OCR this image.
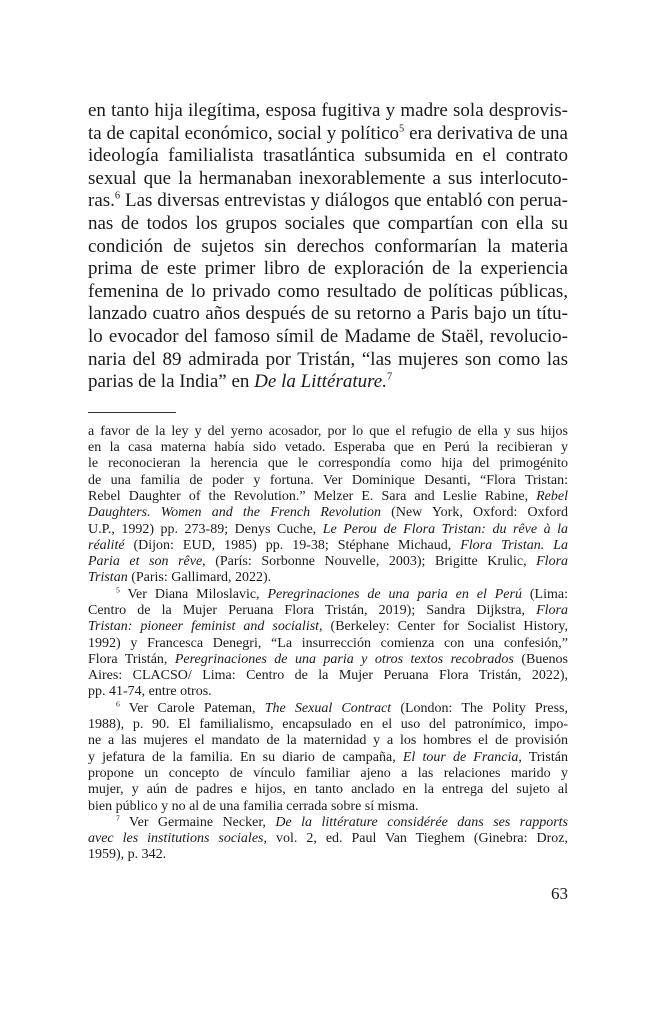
en tanto hija ilegítima, esposa fugitiva y madre sola desprovis-
ta de capital económico, social y político$^5$ era derivativa de una
ideología familialista trasatlántica subsumida en el contrato
sexual que la hermanaban inexorablemente a sus interlocuto-
ras.$^6$ Las diversas entrevistas y diálogos que entabló con perua-
nas de todos los grupos sociales que compartían con ella su
condición de sujetos sin derechos conformarían la materia
prima de este primer libro de exploración de la experiencia
femenina de lo privado como resultado de políticas públicas,
lanzado cuatro años después de su retorno a Paris bajo un títu-
lo evocador del famoso símil de Madame de Staël, revolucio-
naria del 89 admirada por Tristán, “las mujeres son como las
parias de la India” en De la Littérature.$^7$

a favor de la ley y del yerno acosador, por lo que el refugio de ella y sus hijos
en la casa materna había sido vetado. Esperaba que en Perú la recibieran y
le reconocieran la herencia que le correspondía como hija del primogénito
de una familia de poder y fortuna. Ver Dominique Desanti, “Flora Tristan:
Rebel Daughter of the Revolution.” Melzer E. Sara and Leslie Rabine, Rebel
Daughters. Women and the French Revolution (New York, Oxford: Oxford
U.P., 1992) pp. 273-89; Denys Cuche, Le Perou de Flora Tristan: du rêve à la
réalité (Dijon: EUD, 1985) pp. 19-38; Stéphane Michaud, Flora Tristan. La
Paria et son rêve, (París: Sorbonne Nouvelle, 2003); Brigitte Krulic, Flora
Tristan (Paris: Gallimard, 2022).
$^5$ Ver Diana Miloslavic, Peregrinaciones de una paria en el Perú (Lima:
Centro de la Mujer Peruana Flora Tristán, 2019); Sandra Dijkstra, Flora
Tristan: pioneer feminist and socialist, (Berkeley: Center for Socialist History,
1992) y Francesca Denegri, “La insurrección comienza con una confesión,”
Flora Tristán, Peregrinaciones de una paria y otros textos recobrados (Buenos
Aires: CLACSO/ Lima: Centro de la Mujer Peruana Flora Tristán, 2022),
pp. 41-74, entre otros.
$^6$ Ver Carole Pateman, The Sexual Contract (London: The Polity Press,
1988), p. 90. El familialismo, encapsulado en el uso del patronímico, impo-
ne a las mujeres el mandato de la maternidad y a los hombres el de provisión
y jefatura de la familia. En su diario de campaña, El tour de Francia, Tristán
propone un concepto de vínculo familiar ajeno a las relaciones marido y
mujer, y aún de padres e hijos, en tanto anclado en la entrega del sujeto al
bien público y no al de una familia cerrada sobre sí misma.
$^7$ Ver Germaine Necker, De la littérature considérée dans ses rapports
avec les institutions sociales, vol. 2, ed. Paul Van Tieghem (Ginebra: Droz,
1959), p. 342.
63
